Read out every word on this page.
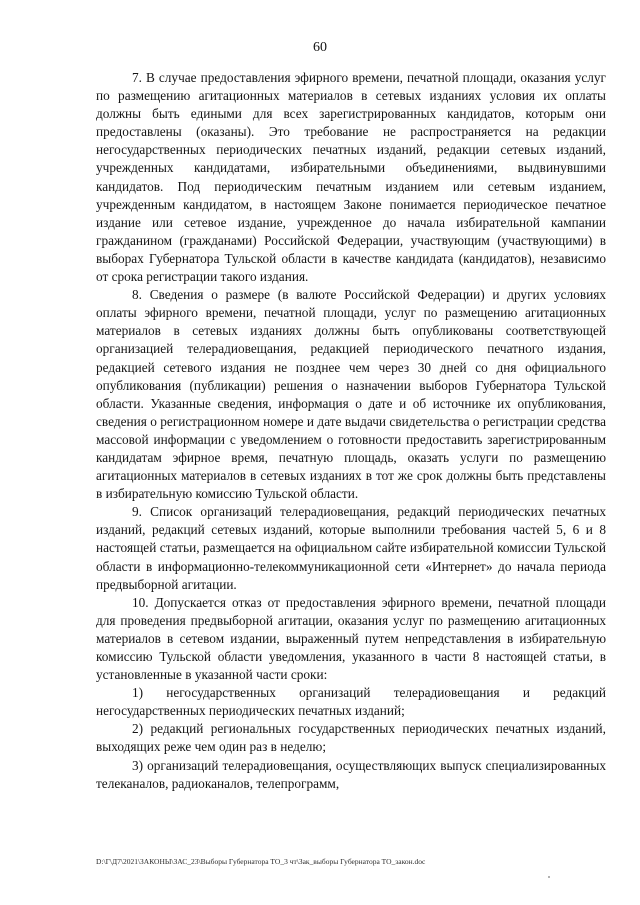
60

7. В случае предоставления эфирного времени, печатной площади, оказания услуг по размещению агитационных материалов в сетевых изданиях условия их оплаты должны быть едиными для всех зарегистрированных кандидатов, которым они предоставлены (оказаны). Это требование не распространяется на редакции негосударственных периодических печатных изданий, редакции сетевых изданий, учрежденных кандидатами, избирательными объединениями, выдвинувшими кандидатов. Под периодическим печатным изданием или сетевым изданием, учрежденным кандидатом, в настоящем Законе понимается периодическое печатное издание или сетевое издание, учрежденное до начала избирательной кампании гражданином (гражданами) Российской Федерации, участвующим (участвующими) в выборах Губернатора Тульской области в качестве кандидата (кандидатов), независимо от срока регистрации такого издания.

8. Сведения о размере (в валюте Российской Федерации) и других условиях оплаты эфирного времени, печатной площади, услуг по размещению агитационных материалов в сетевых изданиях должны быть опубликованы соответствующей организацией телерадиовещания, редакцией периодического печатного издания, редакцией сетевого издания не позднее чем через 30 дней со дня официального опубликования (публикации) решения о назначении выборов Губернатора Тульской области. Указанные сведения, информация о дате и об источнике их опубликования, сведения о регистрационном номере и дате выдачи свидетельства о регистрации средства массовой информации с уведомлением о готовности предоставить зарегистрированным кандидатам эфирное время, печатную площадь, оказать услуги по размещению агитационных материалов в сетевых изданиях в тот же срок должны быть представлены в избирательную комиссию Тульской области.

9. Список организаций телерадиовещания, редакций периодических печатных изданий, редакций сетевых изданий, которые выполнили требования частей 5, 6 и 8 настоящей статьи, размещается на официальном сайте избирательной комиссии Тульской области в информационно-телекоммуникационной сети «Интернет» до начала периода предвыборной агитации.

10. Допускается отказ от предоставления эфирного времени, печатной площади для проведения предвыборной агитации, оказания услуг по размещению агитационных материалов в сетевом издании, выраженный путем непредставления в избирательную комиссию Тульской области уведомления, указанного в части 8 настоящей статьи, в установленные в указанной части сроки:

1) негосударственных организаций телерадиовещания и редакций негосударственных периодических печатных изданий;

2) редакций региональных государственных периодических печатных изданий, выходящих реже чем один раз в неделю;

3) организаций телерадиовещания, осуществляющих выпуск специализированных телеканалов, радиоканалов, телепрограмм,

D:\Г\Д7\2021\ЗАКОНЫ\ЗАС_23\Выборы Губернатора ТО_3 чт\Зак_выборы Губернатора ТО_закон.doc
